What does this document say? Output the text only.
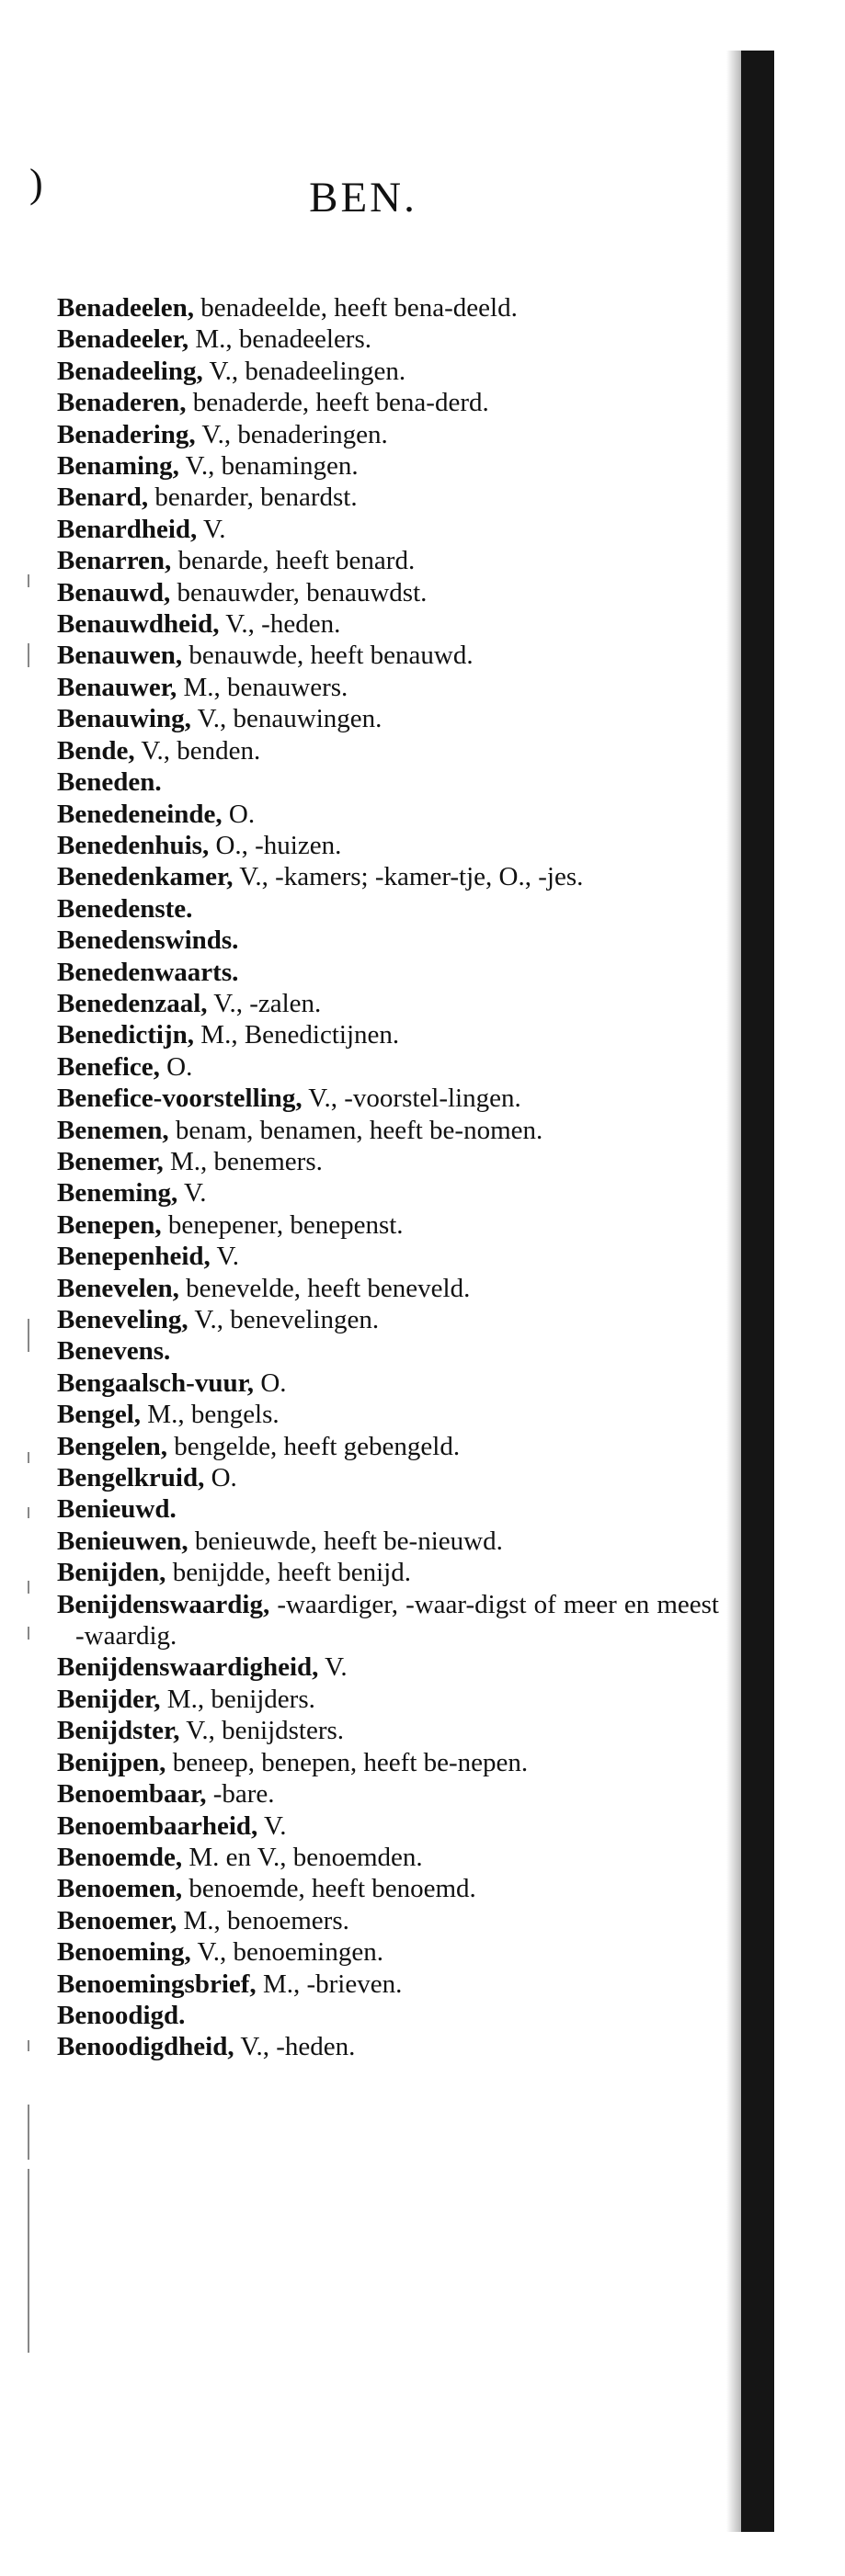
)	BEN.

Benadeelen, benadeelde, heeft bena-deeld.

Benadeeler, M., benadeelers.

Benadeeling, V., benadeelingen.

Benaderen, benaderde, heeft bena-derd.

Benadering, V., benaderingen.

Benaming, V., benamingen.

Benard, benarder, benardst.

Benardheid, V.

Benarren, benarde, heeft benard.

Benauwd, benauwder, benauwdst.

Benauwdheid, V., -heden.

Benauwen, benauwde, heeft benauwd.

Benauwer, M., benauwers.

Benauwing, V., benauwingen.

Bende, V., benden.

Beneden.

Benedeneinde, O.

Benedenhuis, O., -huizen.

Benedenkamer, V., -kamers; -kamer-tje, O., -jes.

Benedenste.

Benedenswinds.

Benedenwaarts.

Benedenzaal, V., -zalen.

Benedictijn, M., Benedictijnen.

Benefice, O.

Benefice-voorstelling, V., -voorstel-lingen.

Benemen, benam, benamen, heeft be-nomen.

Benemer, M., benemers.

Beneming, V.

Benepen, benepener, benepenst.

Benepenheid, V.

Benevelen, benevelde, heeft beneveld.

Beneveling, V., benevelingen.

Benevens.

Bengaalsch-vuur, O.

Bengel, M., bengels.

Bengelen, bengelde, heeft gebengeld.

Bengelkruid, O.

Benieuwd.

Benieuwen, benieuwde, heeft be-nieuwd.

Benijden, benijdde, heeft benijd.

Benijdenswaardig, -waardiger, -waar-digst of meer en meest -waardig.

Benijdenswaardigheid, V.

Benijder, M., benijders.

Benijdster, V., benijdsters.

Benijpen, beneep, benepen, heeft be-nepen.

Benoembaar, -bare.

Benoembaarheid, V.

Benoemde, M. en V., benoemden.

Benoemen, benoemde, heeft benoemd.

Benoemer, M., benoemers.

Benoeming, V., benoemingen.

Benoemingsbrief, M., -brieven.

Benoodigd.

Benoodigdheid, V., -heden.
